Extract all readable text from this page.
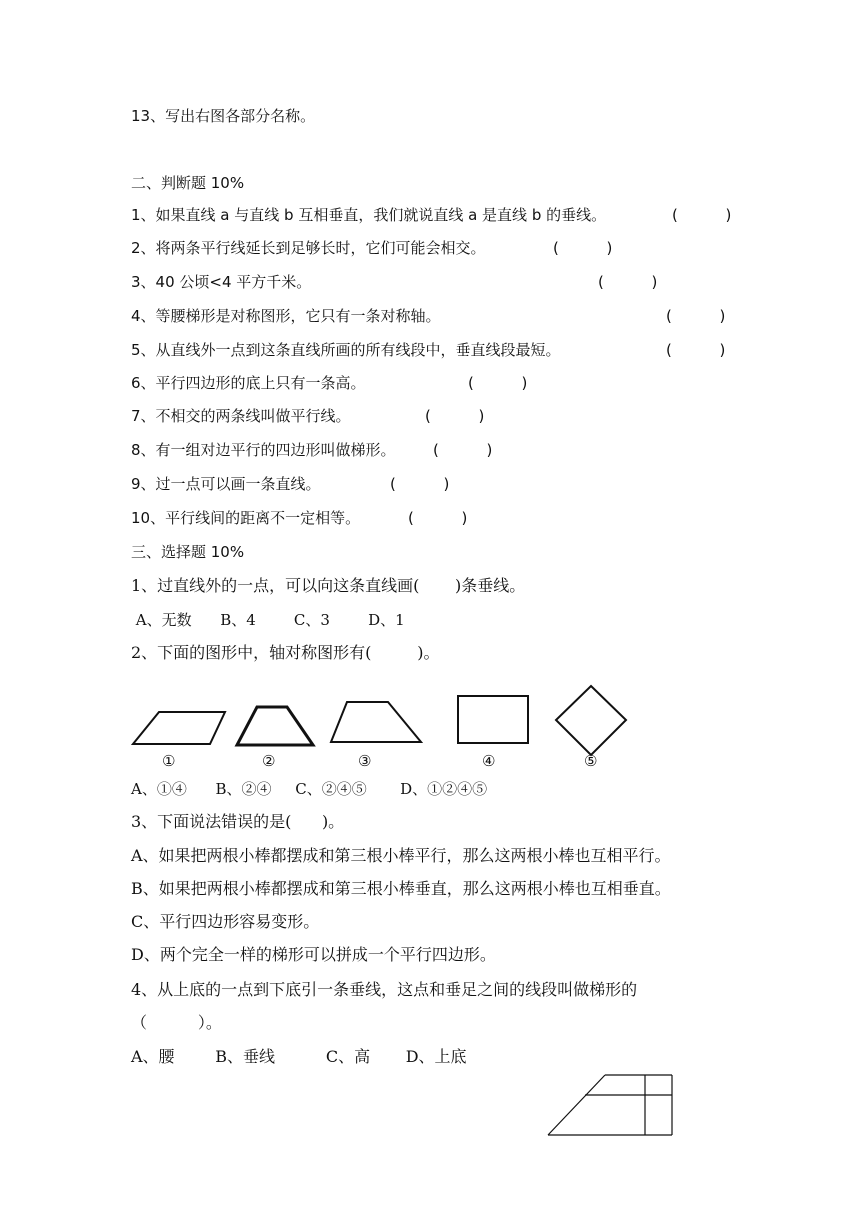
13、写出右图各部分名称。
二、判断题 10%
1、如果直线 a 与直线 b 互相垂直，我们就说直线 a 是直线 b 的垂线。	(          )
2、将两条平行线延长到足够长时，它们可能会相交。	(          )
3、40 公顷<4 平方千米。	(          )
4、等腰梯形是对称图形，它只有一条对称轴。	(          )
5、从直线外一点到这条直线所画的所有线段中，垂直线段最短。	(          )
6、平行四边形的底上只有一条高。	(          )
7、不相交的两条线叫做平行线。	(          )
8、有一组对边平行的四边形叫做梯形。 (          )
9、过一点可以画一条直线。	(          )
10、平行线间的距离不一定相等。	(          )
三、选择题 10%
1、过直线外的一点，可以向这条直线画(       )条垂线。
A、无数      B、4        C、3        D、1
2、下面的图形中，轴对称图形有(         )。
①	②	③	④	⑤
A、①④      B、②④     C、②④⑤       D、①②④⑤
3、下面说法错误的是(      )。
A、如果把两根小棒都摆成和第三根小棒平行，那么这两根小棒也互相平行。
B、如果把两根小棒都摆成和第三根小棒垂直，那么这两根小棒也互相垂直。
C、平行四边形容易变形。
D、两个完全一样的梯形可以拼成一个平行四边形。
4、从上底的一点到下底引一条垂线，这点和垂足之间的线段叫做梯形的
（          ）。
A、腰        B、垂线          C、高       D、上底
